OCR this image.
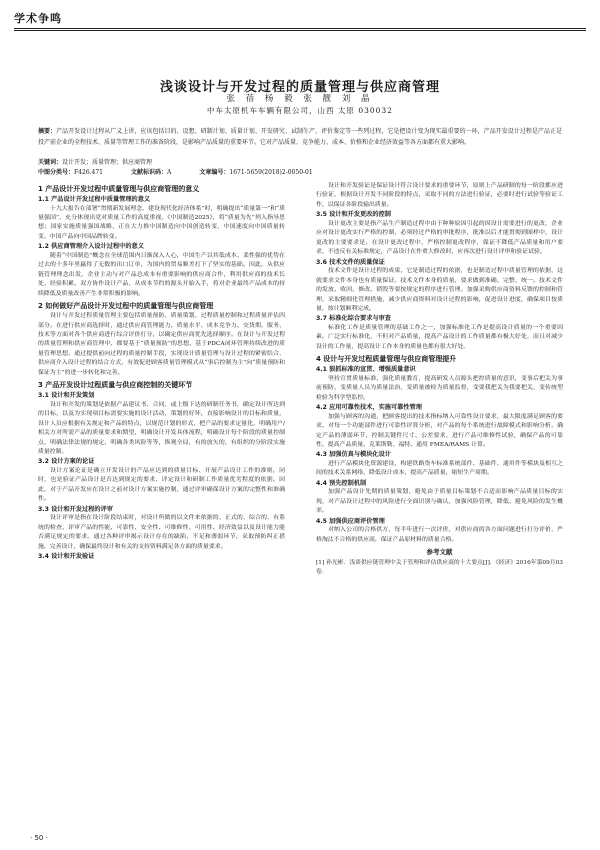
学术争鸣
浅谈设计与开发过程的质量管理与供应商管理
张 蓓 杨 毅 张 靓 刘 晶
中车太原机车车辆有限公司，山西 太原 030032
摘要：产品开发设计过程从广义上讲，应该包括目的、设想、研制计划、质量计划、开发研究、试制生产、评价鉴定等一些列过程，它是把设计变为现实最重要的一环，产品开发设计过程是产品正是投产前企业的全程技术、质量等管理工作的准备阶段，是影响产品质量的重要环节。它对产品质量、竞争能力、成本、价格和企业经济效益等各方面都有重大影响。
关键词：设计开发；质量管理；供应商管理
中图分类号：F426.471	文献标识码：A	文章编号：1671-5659(2018)2-0050-01
1 产品设计开发过程中质量管理与供应商管理的意义
1.1 产品设计开发过程中质量管理的意义

十九大报告在部署“贯彻新发展理念，建设现代化经济体系”时，明确提出“质量第一”和“质量强国”，充分体现出党对质量工作的高度重视。《中国制造2025》，将“质量为先”列入指导思想；国家实施质量强国战略，正在大力推中国制造向中国创造转变、中国速度向中国质量转变、中国产品向中国品牌转变。

1.2 供应商管理介入设计过程中的意义

随着“中国制造”概念在全球范围内日渐深入人心，中国生产以其低成本、柔性强的优势在过去的十多年里赢得了无数的出口订单，为国内的贸易顺差打下了坚实的基础。因此，从供应链管理理念出发，企业主动与对产品总成本有重要影响的供应商合作，利用供应商的技术长处、经验积累，双方协作设计产品，从成本节约的源头开始入手，将对企业最终产品成本的持续降低及质量改善产生非常积极的影响。

2 如何做好产品设计开发过程中的质量管理与供应商管理

设计与开发过程质量管理主要包括质量预防、质量策划、过程质量控制和过程质量评估四部分。在进行供应商选择时，通过供应商管理能力、质量水平、成本竞争力、交货期、服务、技术等方面对各个供应商进行综合评价打分，以确定供应商优先选择顺序。在设计与开发过程的质量管理和供应商管理中，都要基于“质量预防”的思想，基于PDCA闭环管理持续改进的质量管理思想，通过提供前向过程的质量控制手段，实现设计质量管理与设计过程的紧密结合，供应商介入设计过程的结合方式，有效促进顾客质量管理模式从“事后控制为主”向“质量预防和保证为主”的进一步转化和完善。

3 产品开发设计过程质量与供应商控制的关键环节
3.1 设计和开发策划

设计和开发的策划是依据产品建议书、合同、或上级下达的研制任务书，确定设计所达到的目标，以及为实现项目标需要实施的设计活动，策划的好坏，直接影响设计的目标和质量，设计人员应根据有关规定和产品的特点，以规范计划的形式，把产品的要求定量化，明确用户/相关方对所需产品的质量要求和期望，明确设计开发具体流程，明确设计每个阶段的质量控制点，明确法律法规的规定、明确各类风险等等，纵观全局，有的放矢的，有组织的分阶段实施质量控制。

3.2 设计方案的论证

设计方案论证是确立开发设计的产品应达到的质量目标、开展产品设计工作的准则，同时，也是验证产品设计是否达到规定的要求、评定设计和研制工作质量优劣程度的依据。因此，对于产品开发应在设计之前对设计方案实施控制，通过评审确保设计方案的完整性和准确性。

3.3 设计和开发过程的评审

设计评审是指在设计阶段结束时，对设计所做的以文件来依据的、正式的、综合的、有系统的检查，评审产品的性能、可靠性、安全性、可维修性、可用性、经济效益以及设计能力能否满足规定的要求。通过各种评审揭示设计存在的缺陷，不足和薄弱环节，采取预防纠正措施，完善设计，确保最终设计和有关的支持资料满足各方面的质量要求。

3.4 设计和开发验证

设计和开发验证是保证设计符合设计要求的重要环节，原则上产品研制的每一阶段都应进行验证，根据设计开发不同阶段的特点，采取不同的方法进行验证，必要时进行试验等验证工作，以保证各阶段输出质量。

3.5 设计和开发更改的控制

设计更改主要是指产品生产制造过程中由于种种原因引起的因设计需要进行的更改，企业应对设计更改实行严格的控制，必须经过严格的审批程序，批准以后才能贯彻到图样中，设计更改的主要要求是，在设计更改过程中，严格控制更改程序，保证不降低产品质量和用户要求，不违反有关标准规定，产品设计在作重大修改时，应再次进行设计评审和验证试验。

3.6 技术文件的质量保证

技术文件是设计过程的成果，它是制造过程的依据，也是制造过程中质量管理的依据，这就要求文件本身也有质量保证。技术文件本身的质量，要求做到准确、完整、统一。技术文件的发放、收回、修改、销毁等要按规定的程序进行管理。加强采购供应商资料反馈的控制和管理，采取精细化管理措施，减少供应商资料对设计过程的影响，促进设计进度，确保项目按质量、按计划顺利完成。

3.7 标准化综合要求与审查

标准化工作是质量管理的基础工作之一，加强标准化工作是提高设计质量的一个重要因素。广泛实行标准化，不但对产品质量，提高产品设计的工作质量都有极大好处，而且对减少设计的工作量，提高设计工作本身的质量也都有很大好处。

4 设计与开发过程质量管理与供应商管理提升
4.1 狠抓标准的宣贯、增强质量意识

坚持宣贯质量标准，强化质量教育，提高研发人员源头把控质量的意识，变事后把关为事前预防，变质量人员为质量法治，变质量被检为质量监督，变要我把关为我要把关，变传统型检验为科学型监控。

4.2 应用可靠性技术，实施可靠性管理

加强与顾客的沟通，把顾客提出的技术指标纳入可靠性设计要求，最大限度满足顾客的要求，对每一个功能部件进行可靠性评算分析，对产品的每个系统进行故障模式和影响分析，确定产品的薄弱环节，控制关键件尺寸、公差要求，进行产品可维修性试验，确保产品的可靠性，提高产品质量。克莱斯勒、福特、通用 FMEA/RAMS 计算。

4.3 加强仿真与模块化设计

进行产品模块化资源建设，构建铁路货车标准系统部件、基础件、通用件等模块及相互之间的技术关系网络，降低设计成本，提高产品质量，缩短生产周期。

4.4 预先控制机制

加强产品设计先期的质量策划，避免由于质量目标策划不合适而影响产品质量目标的实现，对产品设计过程中的风险进行全面识别与确认，加强风险管理，降低、避免风险的发生概率。

4.5 加强供应商评价管理

对纳入公司的合格供方，每半年进行一次评价，对供应商的各方面问题进行打分评价，严格淘汰不合格的供应商，保证产品原材料的质量合格。

参考文献

[1] 孙光彬．浅谈供应链管理中关于管理和评估供应商的十大要点[J]．《经济》2016年第09月03卷．

· 50 ·
